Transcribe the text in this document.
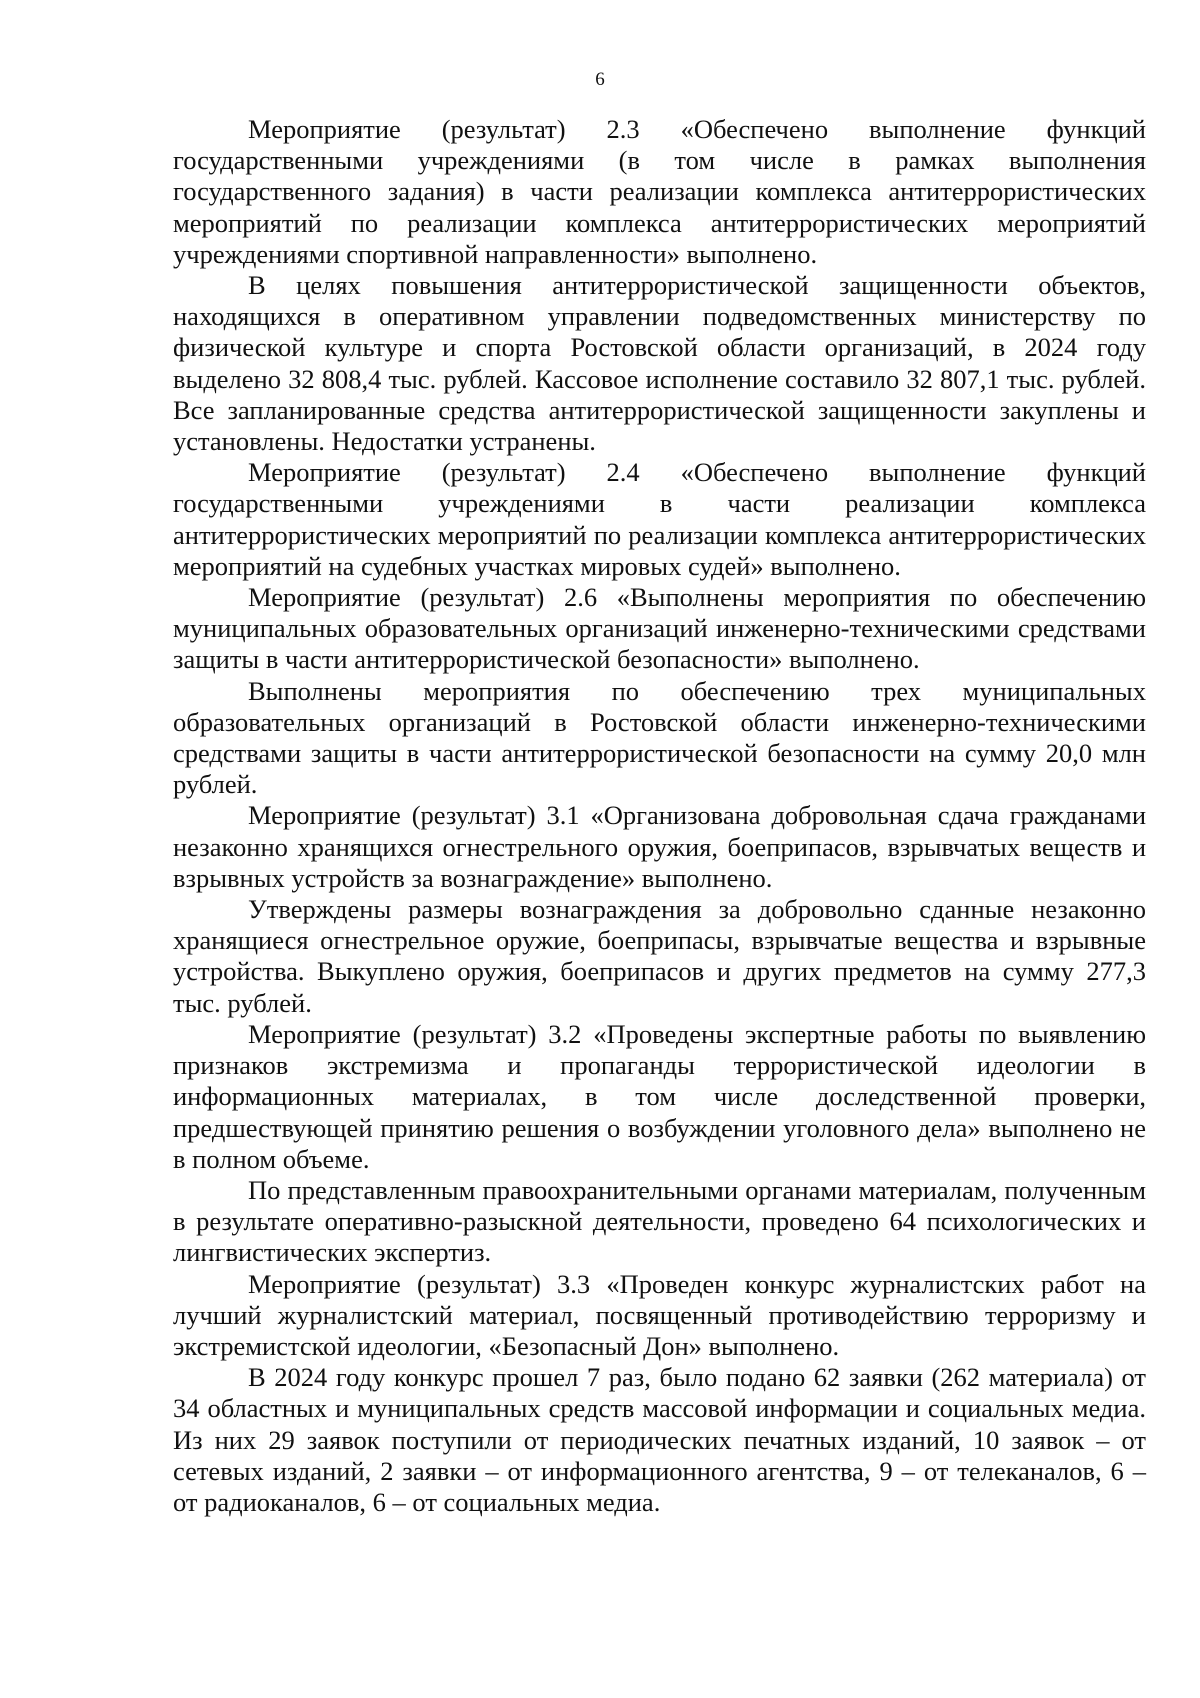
6

Мероприятие (результат) 2.3 «Обеспечено выполнение функций государственными учреждениями (в том числе в рамках выполнения государственного задания) в части реализации комплекса антитеррористических мероприятий по реализации комплекса антитеррористических мероприятий учреждениями спортивной направленности» выполнено.

В целях повышения антитеррористической защищенности объектов, находящихся в оперативном управлении подведомственных министерству по физической культуре и спорта Ростовской области организаций, в 2024 году выделено 32 808,4 тыс. рублей. Кассовое исполнение составило 32 807,1 тыс. рублей. Все запланированные средства антитеррористической защищенности закуплены и установлены. Недостатки устранены.

Мероприятие (результат) 2.4 «Обеспечено выполнение функций государственными учреждениями в части реализации комплекса антитеррористических мероприятий по реализации комплекса антитеррористических мероприятий на судебных участках мировых судей» выполнено.

Мероприятие (результат) 2.6 «Выполнены мероприятия по обеспечению муниципальных образовательных организаций инженерно-техническими средствами защиты в части антитеррористической безопасности» выполнено.

Выполнены мероприятия по обеспечению трех муниципальных образовательных организаций в Ростовской области инженерно-техническими средствами защиты в части антитеррористической безопасности на сумму 20,0 млн рублей.

Мероприятие (результат) 3.1 «Организована добровольная сдача гражданами незаконно хранящихся огнестрельного оружия, боеприпасов, взрывчатых веществ и взрывных устройств за вознаграждение» выполнено.

Утверждены размеры вознаграждения за добровольно сданные незаконно хранящиеся огнестрельное оружие, боеприпасы, взрывчатые вещества и взрывные устройства. Выкуплено оружия, боеприпасов и других предметов на сумму 277,3 тыс. рублей.

Мероприятие (результат) 3.2 «Проведены экспертные работы по выявлению признаков экстремизма и пропаганды террористической идеологии в информационных материалах, в том числе доследственной проверки, предшествующей принятию решения о возбуждении уголовного дела» выполнено не в полном объеме.

По представленным правоохранительными органами материалам, полученным в результате оперативно-разыскной деятельности, проведено 64 психологических и лингвистических экспертиз.

Мероприятие (результат) 3.3 «Проведен конкурс журналистских работ на лучший журналистский материал, посвященный противодействию терроризму и экстремистской идеологии, «Безопасный Дон» выполнено.

В 2024 году конкурс прошел 7 раз, было подано 62 заявки (262 материала) от 34 областных и муниципальных средств массовой информации и социальных медиа. Из них 29 заявок поступили от периодических печатных изданий, 10 заявок – от сетевых изданий, 2 заявки – от информационного агентства, 9 – от телеканалов, 6 – от радиоканалов, 6 – от социальных медиа.
